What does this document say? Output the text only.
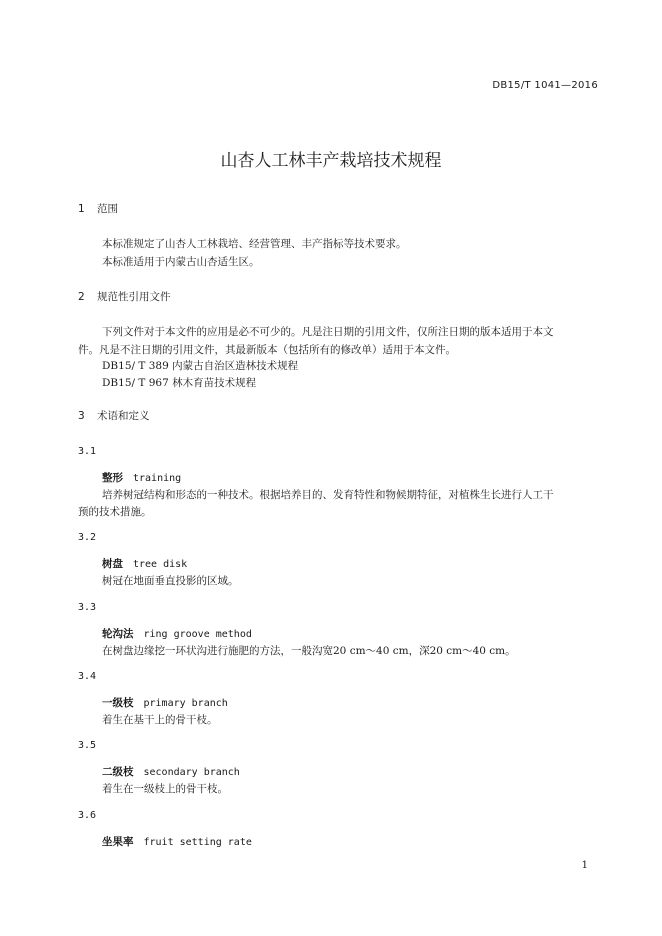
DB15/T 1041—2016
山杏人工林丰产栽培技术规程
1 范围
本标准规定了山杏人工林栽培、经营管理、丰产指标等技术要求。
本标准适用于内蒙古山杏适生区。
2 规范性引用文件
下列文件对于本文件的应用是必不可少的。凡是注日期的引用文件，仅所注日期的版本适用于本文
件。凡是不注日期的引用文件，其最新版本（包括所有的修改单）适用于本文件。
DB15/ T 389 内蒙古自治区造林技术规程
DB15/ T 967 林木育苗技术规程
3 术语和定义
3.1
整形 training
培养树冠结构和形态的一种技术。根据培养目的、发育特性和物候期特征，对植株生长进行人工干
预的技术措施。
3.2
树盘 tree disk
树冠在地面垂直投影的区域。
3.3
轮沟法 ring groove method
在树盘边缘挖一环状沟进行施肥的方法，一般沟宽20 cm～40 cm，深20 cm～40 cm。
3.4
一级枝 primary branch
着生在基干上的骨干枝。
3.5
二级枝 secondary branch
着生在一级枝上的骨干枝。
3.6
坐果率 fruit setting rate
1
